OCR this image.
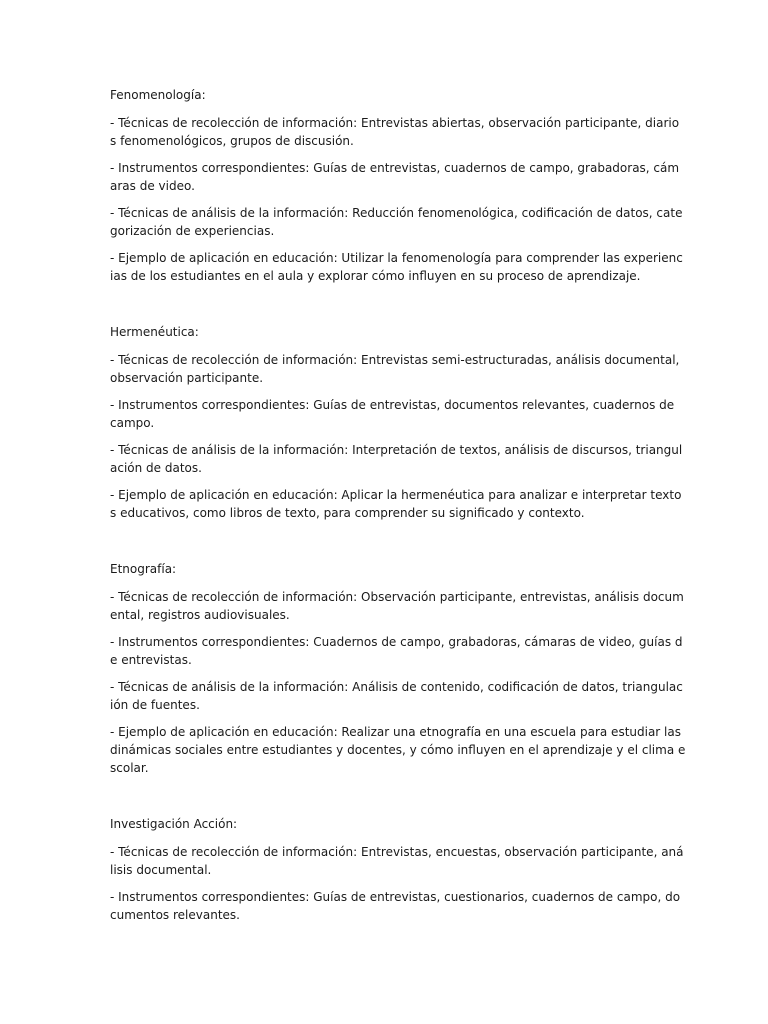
Fenomenología:
- Técnicas de recolección de información: Entrevistas abiertas, observación participante, diario
s fenomenológicos, grupos de discusión.
- Instrumentos correspondientes: Guías de entrevistas, cuadernos de campo, grabadoras, cám
aras de video.
- Técnicas de análisis de la información: Reducción fenomenológica, codificación de datos, cate
gorización de experiencias.
- Ejemplo de aplicación en educación: Utilizar la fenomenología para comprender las experienc
ias de los estudiantes en el aula y explorar cómo influyen en su proceso de aprendizaje.
Hermenéutica:
- Técnicas de recolección de información: Entrevistas semi-estructuradas, análisis documental,
observación participante.
- Instrumentos correspondientes: Guías de entrevistas, documentos relevantes, cuadernos de
campo.
- Técnicas de análisis de la información: Interpretación de textos, análisis de discursos, triangul
ación de datos.
- Ejemplo de aplicación en educación: Aplicar la hermenéutica para analizar e interpretar texto
s educativos, como libros de texto, para comprender su significado y contexto.
Etnografía:
- Técnicas de recolección de información: Observación participante, entrevistas, análisis docum
ental, registros audiovisuales.
- Instrumentos correspondientes: Cuadernos de campo, grabadoras, cámaras de video, guías d
e entrevistas.
- Técnicas de análisis de la información: Análisis de contenido, codificación de datos, triangulac
ión de fuentes.
- Ejemplo de aplicación en educación: Realizar una etnografía en una escuela para estudiar las
dinámicas sociales entre estudiantes y docentes, y cómo influyen en el aprendizaje y el clima e
scolar.
Investigación Acción:
- Técnicas de recolección de información: Entrevistas, encuestas, observación participante, aná
lisis documental.
- Instrumentos correspondientes: Guías de entrevistas, cuestionarios, cuadernos de campo, do
cumentos relevantes.
